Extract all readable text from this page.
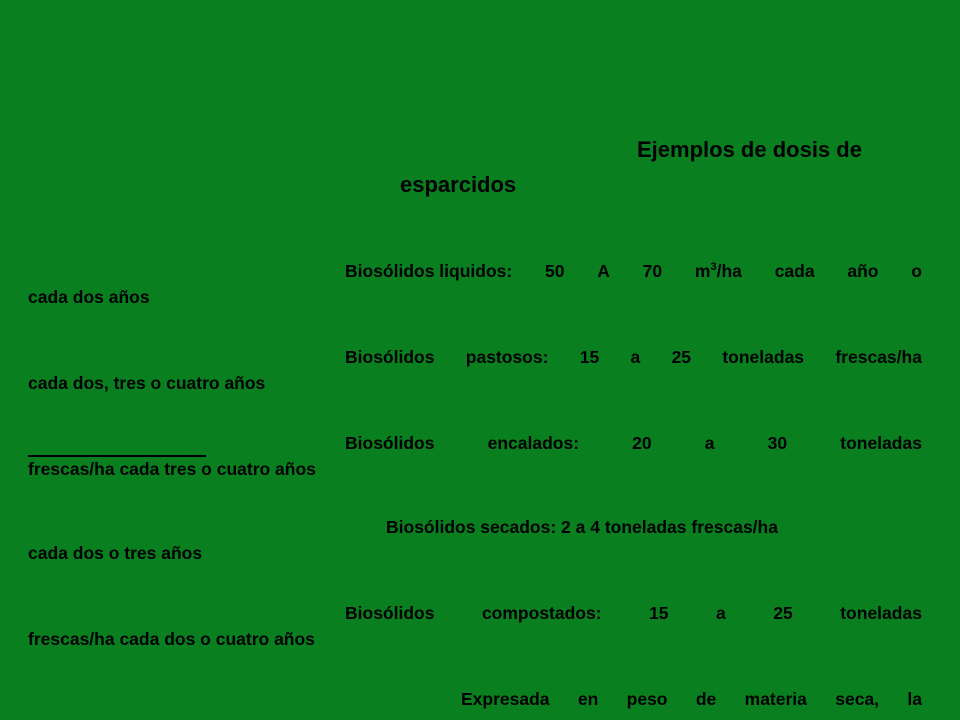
Ejemplos de dosis de
esparcidos
Biosólidos liquidos: 50 A 70 $m^3/ha$ cada año o
cada dos años
Biosólidos pastosos: 15 a 25 toneladas frescas/ha
cada dos, tres o cuatro años
Biosólidos	encalados:	20	a	30	toneladas
frescas/ha cada tres o cuatro años
Biosólidos secados: 2 a 4 toneladas frescas/ha
cada dos o tres años
Biosólidos	compostados:	15	a	25	toneladas
frescas/ha cada dos o cuatro años
Expresada en peso de materia seca, la
